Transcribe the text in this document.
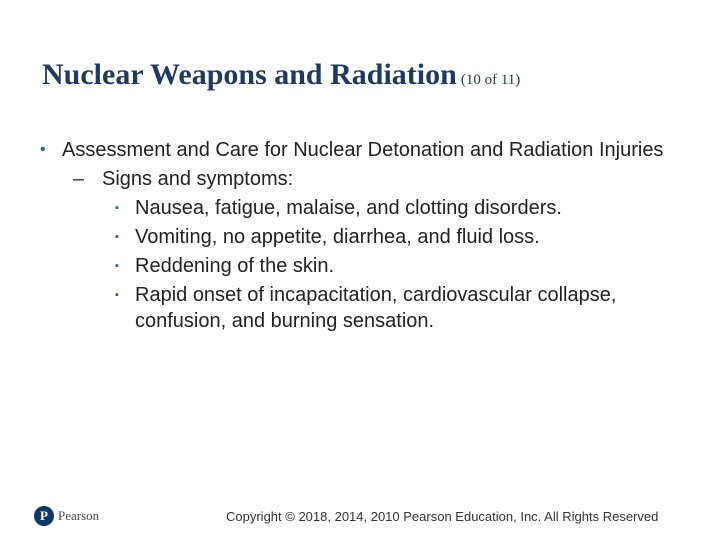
Nuclear Weapons and Radiation (10 of 11)
• Assessment and Care for Nuclear Detonation and Radiation Injuries
– Signs and symptoms:
▪ Nausea, fatigue, malaise, and clotting disorders.
▪ Vomiting, no appetite, diarrhea, and fluid loss.
▪ Reddening of the skin.
▪ Rapid onset of incapacitation, cardiovascular collapse, confusion, and burning sensation.
P Pearson	Copyright © 2018, 2014, 2010 Pearson Education, Inc. All Rights Reserved
